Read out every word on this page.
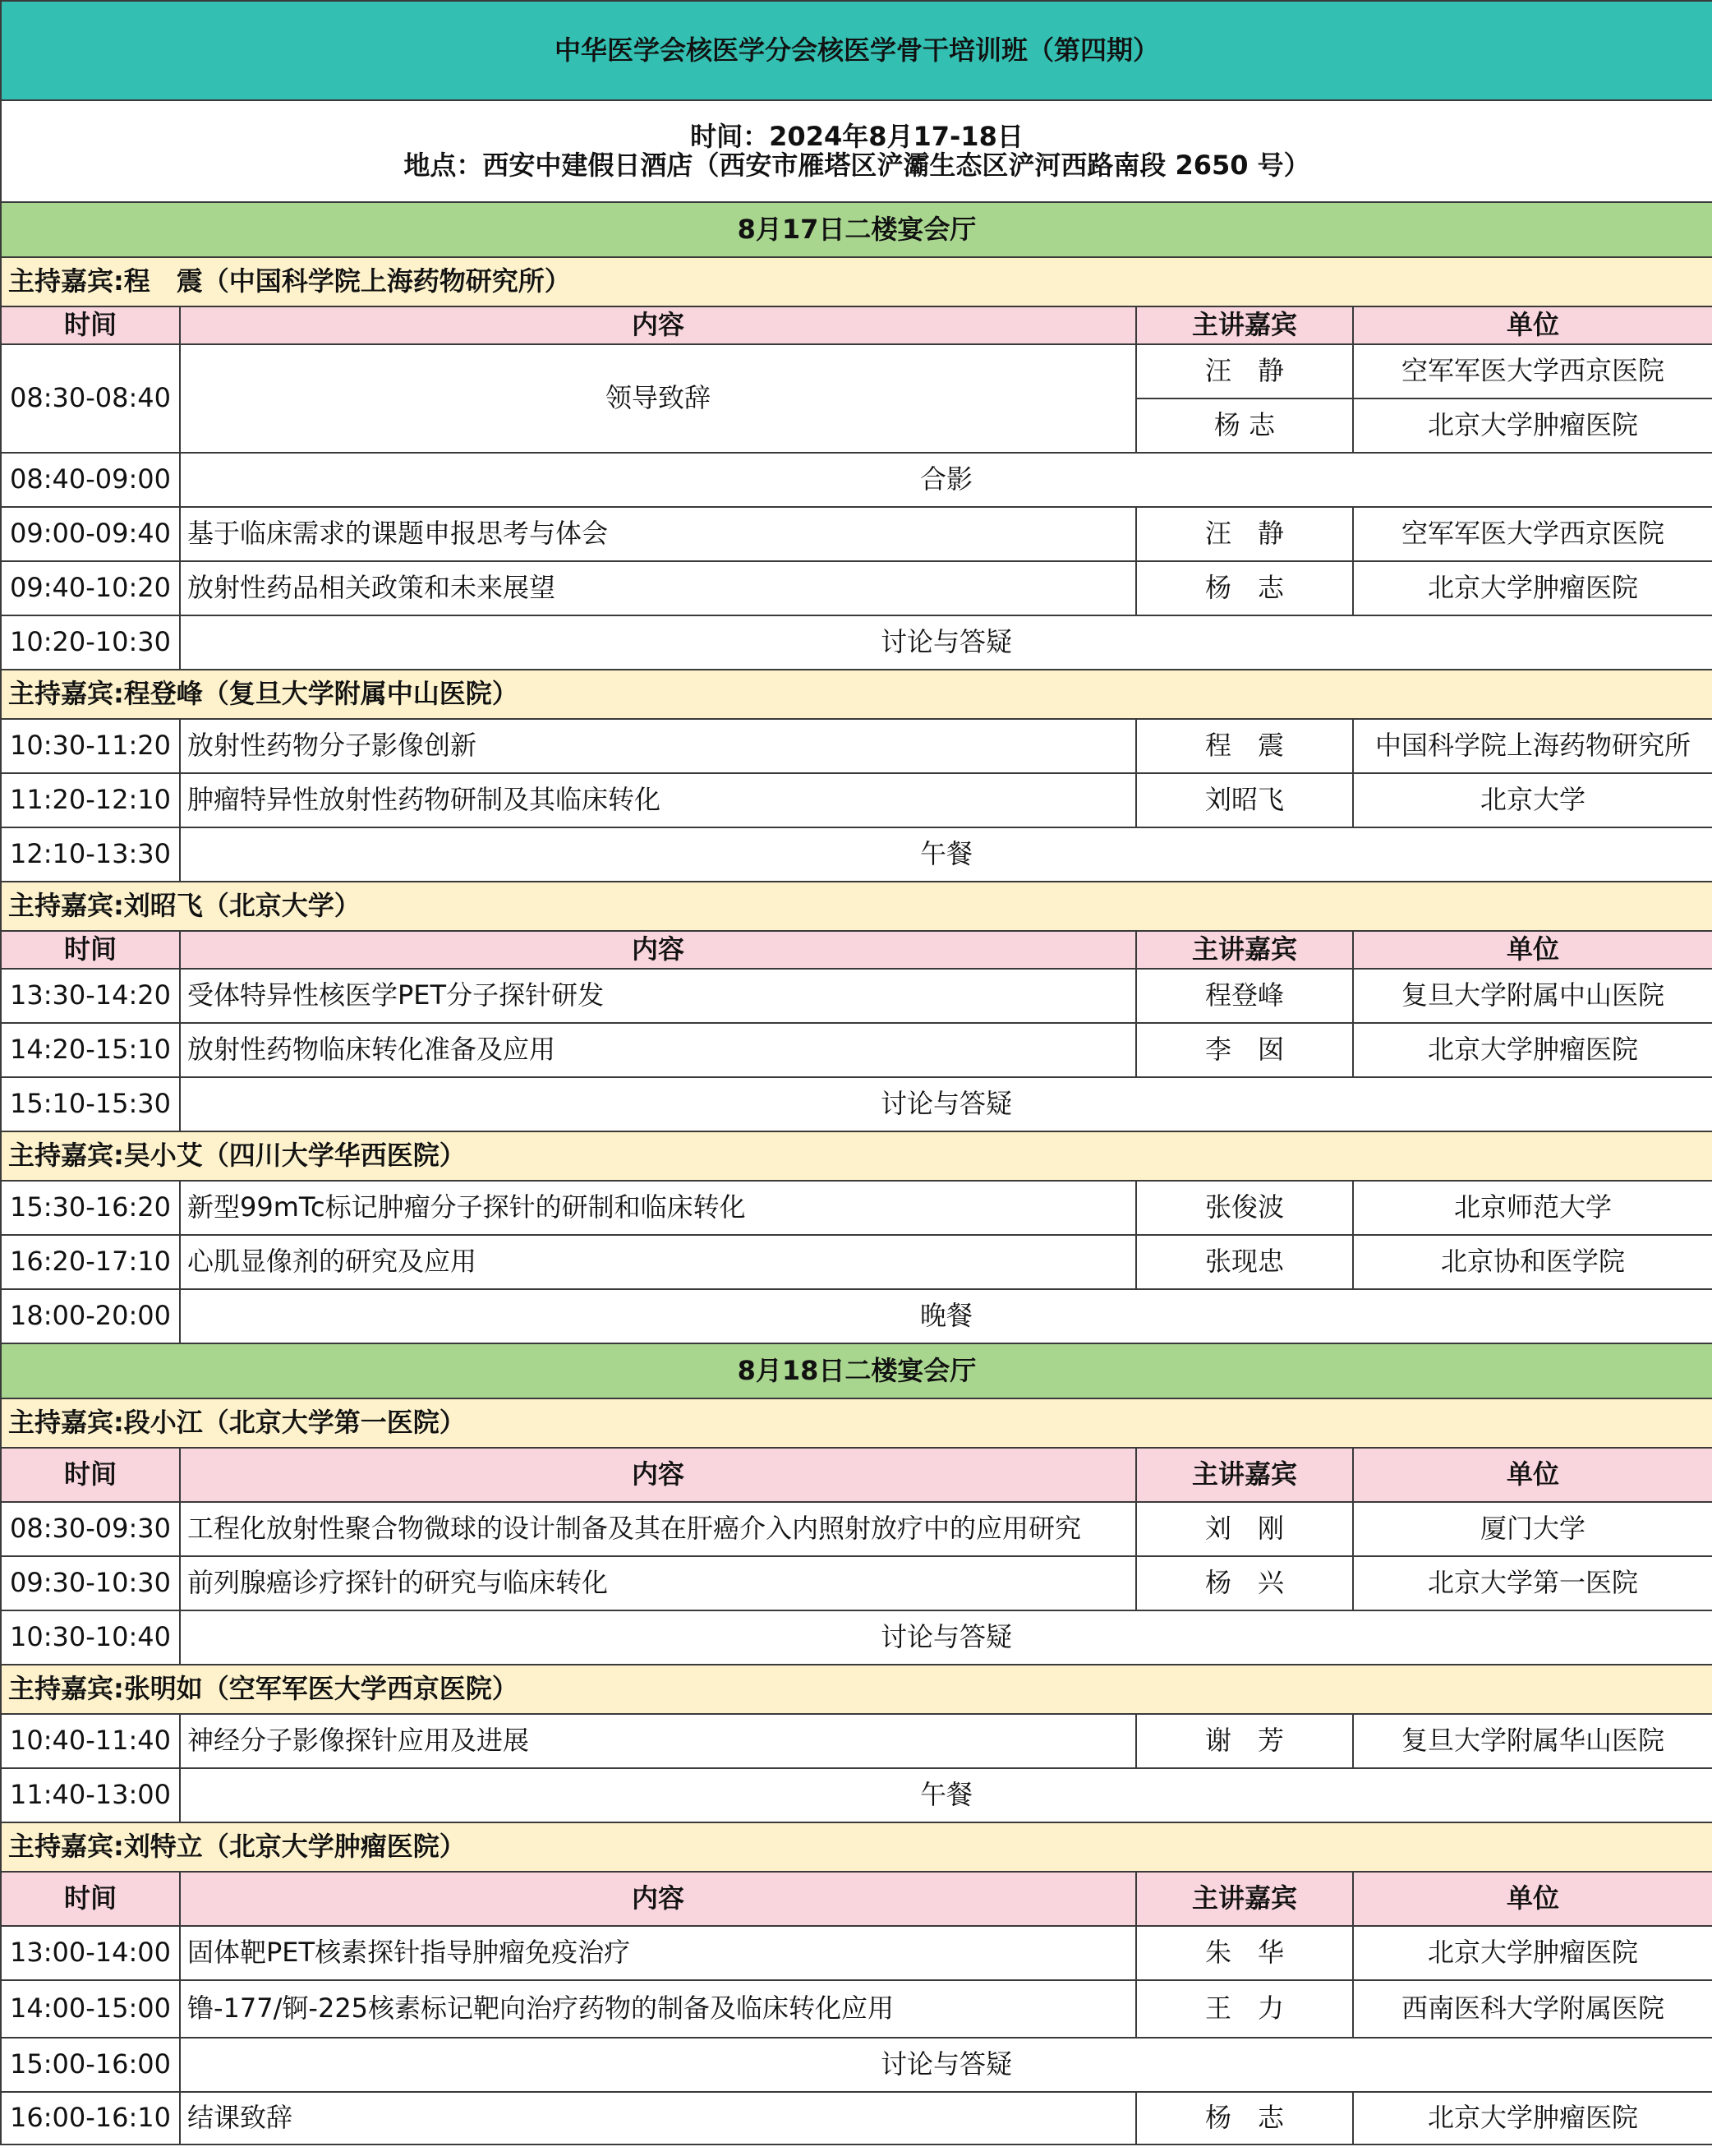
中华医学会核医学分会核医学骨干培训班（第四期）			

时间：2024年8月17-18日
地点：西安中建假日酒店（西安市雁塔区浐灞生态区浐河西路南段 2650 号）			

8月17日二楼宴会厅			
主持嘉宾:程　震（中国科学院上海药物研究所）			
时间	内容	主讲嘉宾	单位
08:30-08:40	领导致辞	汪　静	空军军医大学西京医院
		杨 志	北京大学肿瘤医院
08:40-09:00	合影		
09:00-09:40	基于临床需求的课题申报思考与体会	汪　静	空军军医大学西京医院
09:40-10:20	放射性药品相关政策和未来展望	杨　志	北京大学肿瘤医院
10:20-10:30	讨论与答疑		
主持嘉宾:程登峰（复旦大学附属中山医院）			
10:30-11:20	放射性药物分子影像创新	程　震	中国科学院上海药物研究所
11:20-12:10	肿瘤特异性放射性药物研制及其临床转化	刘昭飞	北京大学
12:10-13:30	午餐		
主持嘉宾:刘昭飞（北京大学）			
时间	内容	主讲嘉宾	单位
13:30-14:20	受体特异性核医学PET分子探针研发	程登峰	复旦大学附属中山医院
14:20-15:10	放射性药物临床转化准备及应用	李　囡	北京大学肿瘤医院
15:10-15:30	讨论与答疑		
主持嘉宾:吴小艾（四川大学华西医院）			
15:30-16:20	新型99mTc标记肿瘤分子探针的研制和临床转化	张俊波	北京师范大学
16:20-17:10	心肌显像剂的研究及应用	张现忠	北京协和医学院
18:00-20:00	晚餐		
8月18日二楼宴会厅			
主持嘉宾:段小江（北京大学第一医院）			
时间	内容	主讲嘉宾	单位
08:30-09:30	工程化放射性聚合物微球的设计制备及其在肝癌介入内照射放疗中的应用研究	刘　刚	厦门大学
09:30-10:30	前列腺癌诊疗探针的研究与临床转化	杨　兴	北京大学第一医院
10:30-10:40	讨论与答疑		
主持嘉宾:张明如（空军军医大学西京医院）			
10:40-11:40	神经分子影像探针应用及进展	谢　芳	复旦大学附属华山医院
11:40-13:00	午餐		
主持嘉宾:刘特立（北京大学肿瘤医院）			
时间	内容	主讲嘉宾	单位
13:00-14:00	固体靶PET核素探针指导肿瘤免疫治疗	朱　华	北京大学肿瘤医院
14:00-15:00	镥-177/锕-225核素标记靶向治疗药物的制备及临床转化应用	王　力	西南医科大学附属医院
15:00-16:00	讨论与答疑		
16:00-16:10	结课致辞	杨　志	北京大学肿瘤医院
